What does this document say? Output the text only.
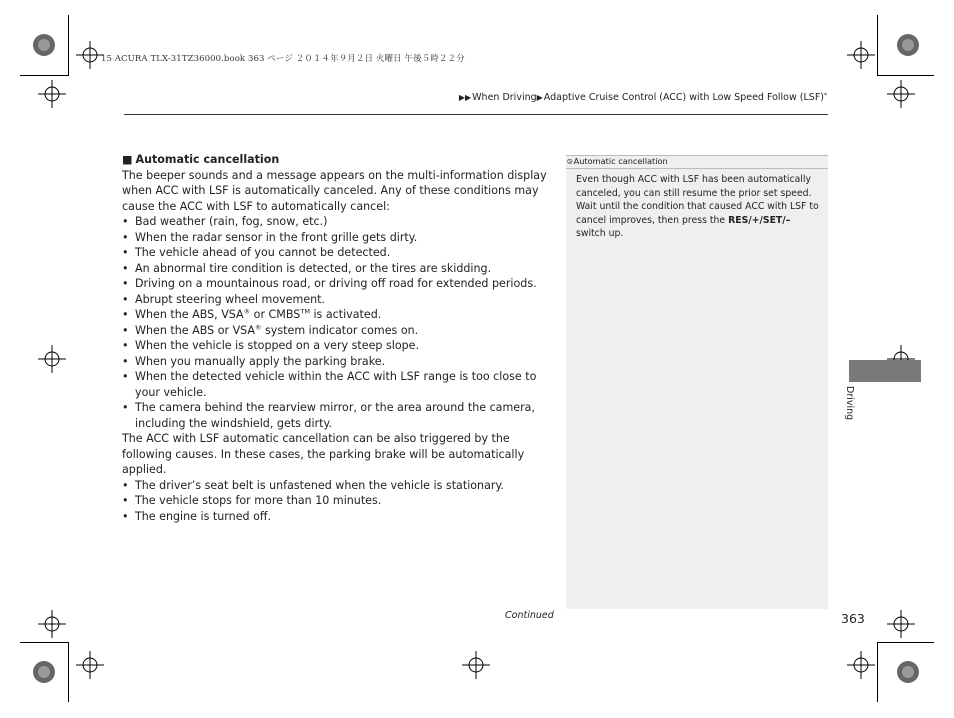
15 ACURA TLX-31TZ36000.book 363 ページ ２０１４年９月２日 火曜日 午後５時２２分
▶▶When Driving▶Adaptive Cruise Control (ACC) with Low Speed Follow (LSF)*
■ Automatic cancellation

The beeper sounds and a message appears on the multi-information display when ACC with LSF is automatically canceled. Any of these conditions may cause the ACC with LSF to automatically cancel:

• Bad weather (rain, fog, snow, etc.)
• When the radar sensor in the front grille gets dirty.
• The vehicle ahead of you cannot be detected.
• An abnormal tire condition is detected, or the tires are skidding.
• Driving on a mountainous road, or driving off road for extended periods.
• Abrupt steering wheel movement.
• When the ABS, VSA® or CMBS™ is activated.
• When the ABS or VSA® system indicator comes on.
• When the vehicle is stopped on a very steep slope.
• When you manually apply the parking brake.
• When the detected vehicle within the ACC with LSF range is too close to your vehicle.
• The camera behind the rearview mirror, or the area around the camera, including the windshield, gets dirty.

The ACC with LSF automatic cancellation can be also triggered by the following causes. In these cases, the parking brake will be automatically applied.

• The driver’s seat belt is unfastened when the vehicle is stationary.
• The vehicle stops for more than 10 minutes.
• The engine is turned off.
⧁Automatic cancellation
Even though ACC with LSF has been automatically canceled, you can still resume the prior set speed. Wait until the condition that caused ACC with LSF to cancel improves, then press the RES/+/SET/– switch up.
Driving
Continued	363
